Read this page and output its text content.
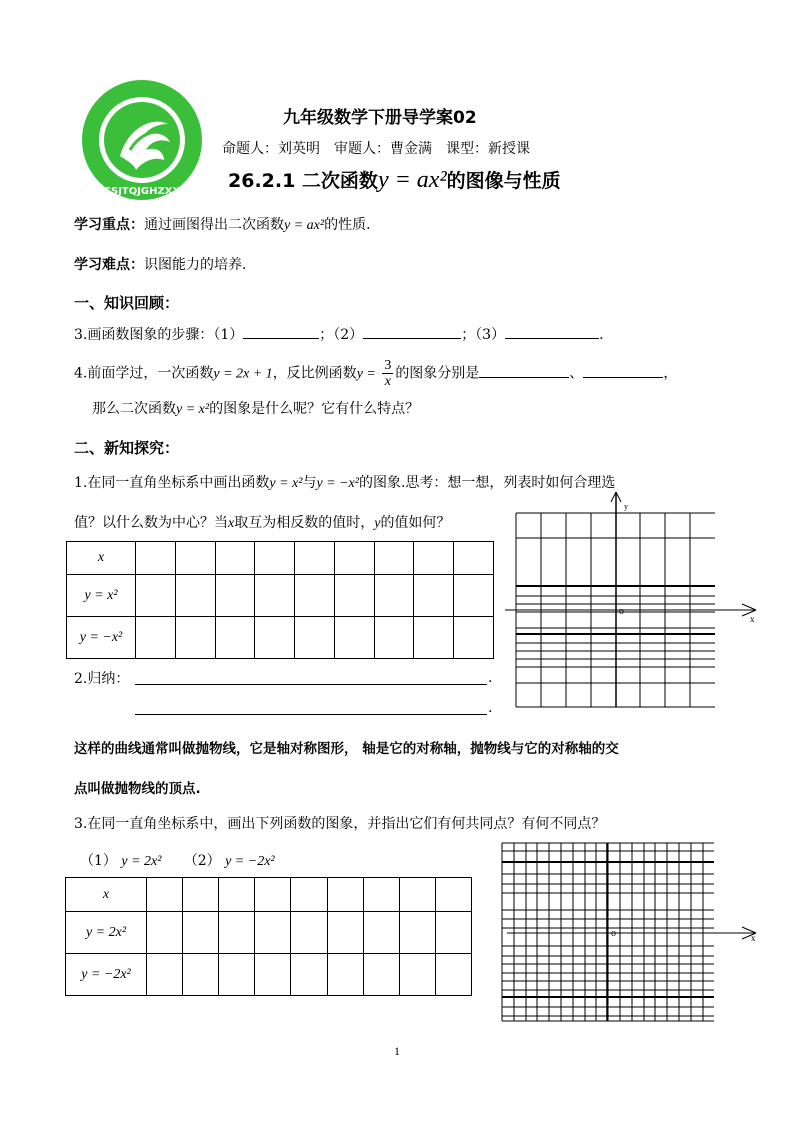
CCSJTQJGHZXXX
九年级数学下册导学案02
命题人：刘英明　审题人：曹金满　课型：新授课
26.2.1 二次函数y = ax²的图像与性质
学习重点：通过画图得出二次函数y = ax²的性质.
学习难点：识图能力的培养.
一、知识回顾：
3.画函数图象的步骤：（1）	；（2）	；（3）	.
4.前面学过，一次函数y = 2x + 1，反比例函数$y = \frac{3}{x}$ 的图象分别是	、	，
那么二次函数y = x²的图象是什么呢？它有什么特点？
二、新知探究：
1.在同一直角坐标系中画出函数y = x²与y = −x²的图象.思考：想一想，列表时如何合理选
值？以什么数为中心？当x取互为相反数的值时，y的值如何？
x									
y = x²									
y = −x²									
y
x
o
2.归纳：	.
.
这样的曲线通常叫做抛物线，它是轴对称图形， 轴是它的对称轴，抛物线与它的对称轴的交
点叫做抛物线的顶点.
3.在同一直角坐标系中，画出下列函数的图象，并指出它们有何共同点？有何不同点？
（1） y = 2x² （2） y = −2x²
x									
y = 2x²									
y = −2x²									
x
o
1
